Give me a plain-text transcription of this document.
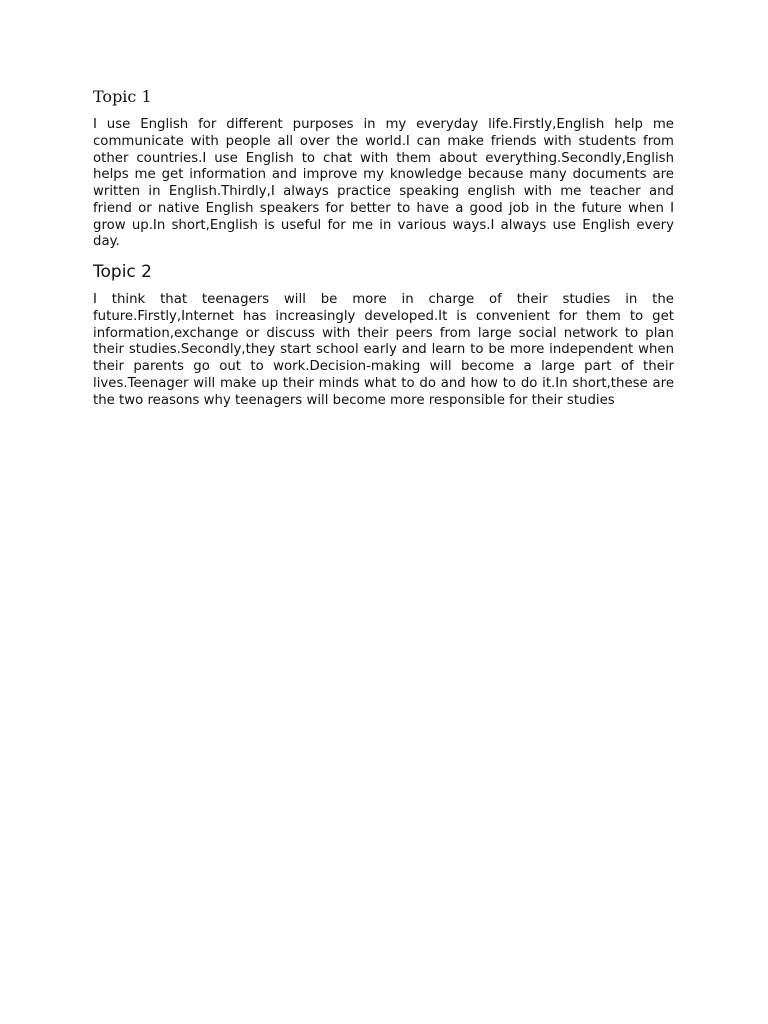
Topic 1

I use English for different purposes in my everyday life.Firstly,English help me communicate with people all over the world.I can make friends with students from other countries.I use English to chat with them about everything.Secondly,English helps me get information and improve my knowledge because many documents are written in English.Thirdly,I always practice speaking english with me teacher and friend or native English speakers for better to have a good job in the future when I grow up.In short,English is useful for me in various ways.I always use English every day.

Topic 2

I think that teenagers will be more in charge of their studies in the future.Firstly,Internet has increasingly developed.It is convenient for them to get information,exchange or discuss with their peers from large social network to plan their studies.Secondly,they start school early and learn to be more independent when their parents go out to work.Decision-making will become a large part of their lives.Teenager will make up their minds what to do and how to do it.In short,these are the two reasons why teenagers will become more responsible for their studies
